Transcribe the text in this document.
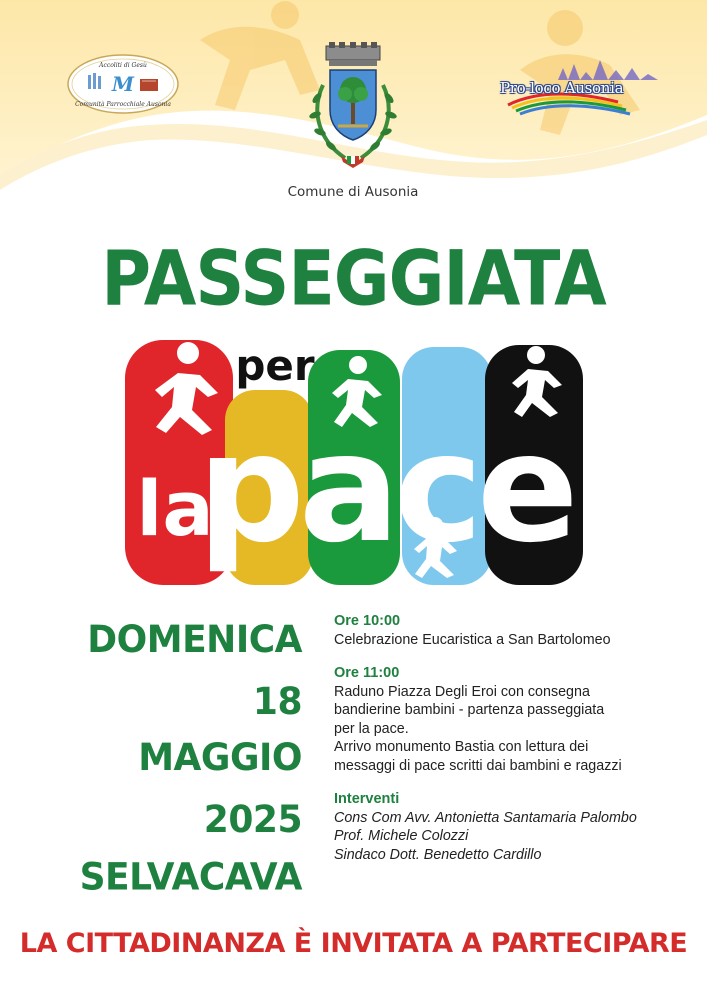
M
Accoliti di Gesù
Comunità Parrocchiale Ausonia
Comune di Ausonia
Pro-loco Ausonia
PASSEGGIATA
per
la
pace
DOMENICA 18
MAGGIO 2025
SELVACAVA
Ore 10:00
Celebrazione Eucaristica a San Bartolomeo
Ore 11:00
Raduno Piazza Degli Eroi con consegna
bandierine bambini - partenza passeggiata
per la pace.
Arrivo monumento Bastia con lettura dei
messaggi di pace scritti dai bambini e ragazzi
Interventi
Cons Com Avv. Antonietta Santamaria Palombo
Prof. Michele Colozzi
Sindaco Dott. Benedetto Cardillo
LA CITTADINANZA È INVITATA A PARTECIPARE
